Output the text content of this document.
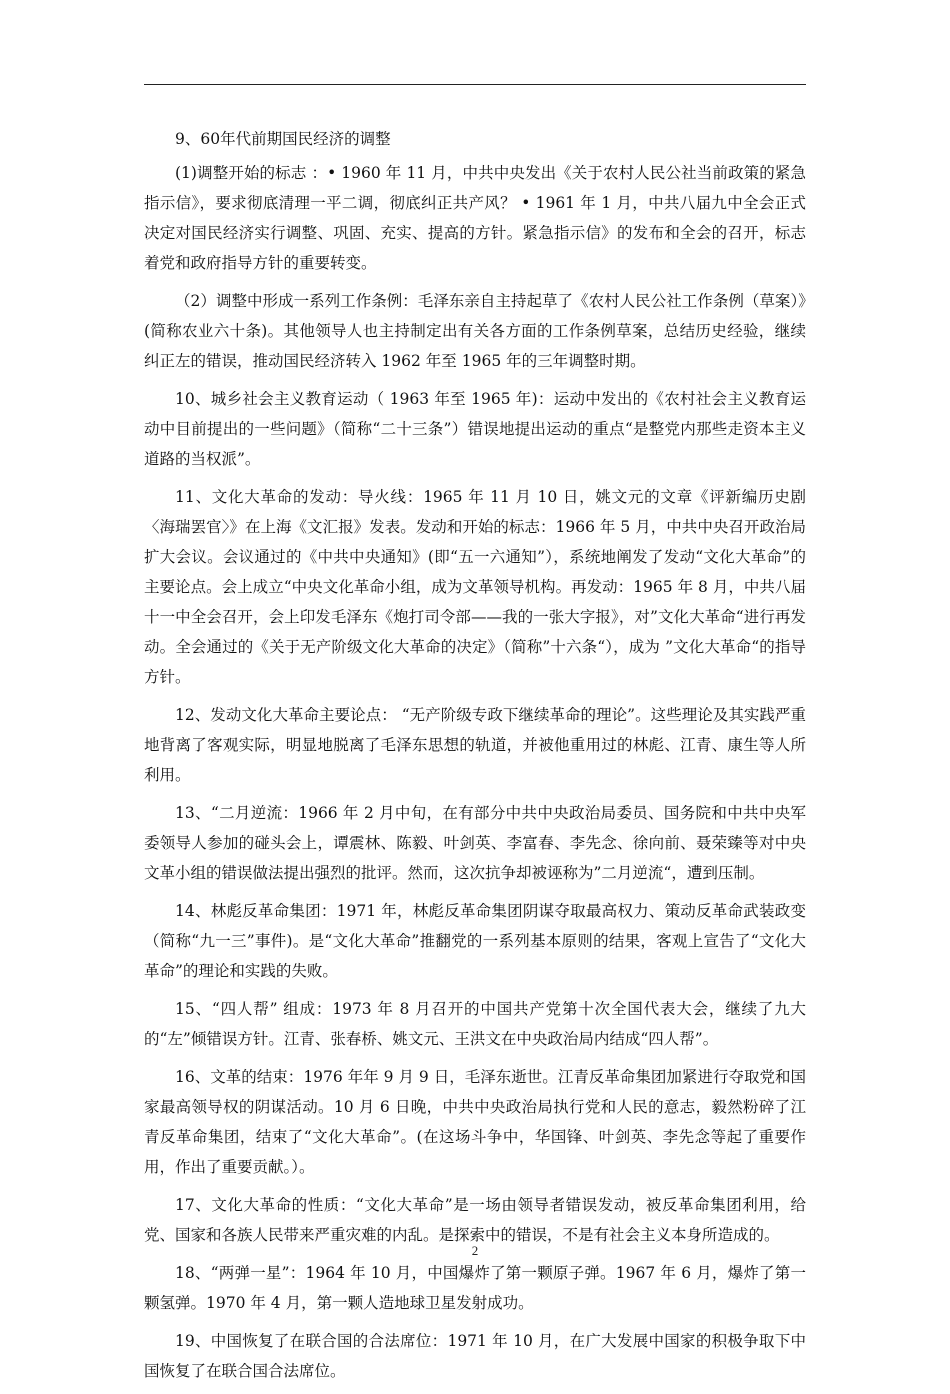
9、60年代前期国民经济的调整

(1)调整开始的标志 ：• 1960 年 11 月，中共中央发出《关于农村人民公社当前政策的紧急指示信》，要求彻底清理一平二调，彻底纠正共产风？ • 1961 年 1 月，中共八届九中全会正式决定对国民经济实行调整、巩固、充实、提高的方针。紧急指示信》的发布和全会的召开，标志着党和政府指导方针的重要转变。

（2）调整中形成一系列工作条例：毛泽东亲自主持起草了《农村人民公社工作条例（草案）》(简称农业六十条)。其他领导人也主持制定出有关各方面的工作条例草案，总结历史经验，继续纠正左的错误，推动国民经济转入 1962 年至 1965 年的三年调整时期。

10、城乡社会主义教育运动（ 1963 年至 1965 年)：运动中发出的《农村社会主义教育运动中目前提出的一些问题》（简称“二十三条”）错误地提出运动的重点“是整党内那些走资本主义道路的当权派”。

11、文化大革命的发动：导火线：1965 年 11 月 10 日，姚文元的文章《评新编历史剧〈海瑞罢官〉》在上海《文汇报》发表。发动和开始的标志：1966 年 5 月，中共中央召开政治局扩大会议。会议通过的《中共中央通知》(即“五一六通知”），系统地阐发了发动“文化大革命”的主要论点。会上成立“中央文化革命小组，成为文革领导机构。再发动：1965 年 8 月，中共八届十一中全会召开，会上印发毛泽东《炮打司令部——我的一张大字报》，对”文化大革命“进行再发动。全会通过的《关于无产阶级文化大革命的决定》（简称”十六条“），成为 ”文化大革命“的指导方针。

12、发动文化大革命主要论点： “无产阶级专政下继续革命的理论”。这些理论及其实践严重地背离了客观实际，明显地脱离了毛泽东思想的轨道，并被他重用过的林彪、江青、康生等人所利用。

13、“二月逆流：1966 年 2 月中旬，在有部分中共中央政治局委员、国务院和中共中央军委领导人参加的碰头会上，谭震林、陈毅、叶剑英、李富春、李先念、徐向前、聂荣臻等对中央文革小组的错误做法提出强烈的批评。然而，这次抗争却被诬称为”二月逆流“，遭到压制。

14、林彪反革命集团：1971 年，林彪反革命集团阴谋夺取最高权力、策动反革命武装政变（简称“九一三”事件)。是“文化大革命”推翻党的一系列基本原则的结果，客观上宣告了“文化大革命”的理论和实践的失败。

15、“四人帮” 组成：1973 年 8 月召开的中国共产党第十次全国代表大会，继续了九大的“左”倾错误方针。江青、张春桥、姚文元、王洪文在中央政治局内结成“四人帮”。

16、文革的结束：1976 年年 9 月 9 日，毛泽东逝世。江青反革命集团加紧进行夺取党和国家最高领导权的阴谋活动。10 月 6 日晚，中共中央政治局执行党和人民的意志，毅然粉碎了江青反革命集团，结束了“文化大革命”。(在这场斗争中，华国锋、叶剑英、李先念等起了重要作用，作出了重要贡献。）。

17、文化大革命的性质：“文化大革命”是一场由领导者错误发动，被反革命集团利用，给党、国家和各族人民带来严重灾难的内乱。是探索中的错误，不是有社会主义本身所造成的。

18、“两弹一星”：1964 年 10 月，中国爆炸了第一颗原子弹。1967 年 6 月，爆炸了第一颗氢弹。1970 年 4 月，第一颗人造地球卫星发射成功。

19、中国恢复了在联合国的合法席位：1971 年 10 月，在广大发展中国家的积极争取下中国恢复了在联合国合法席位。

2
